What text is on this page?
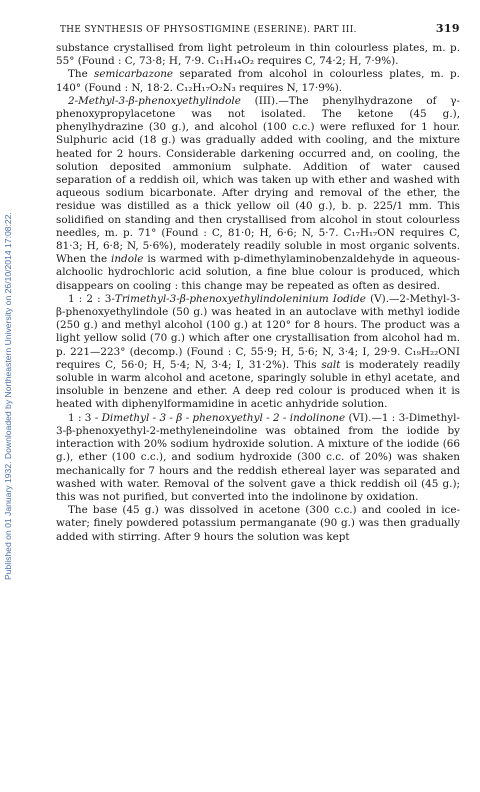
Published on 01 January 1932. Downloaded by Northeastern University on 26/10/2014 17:08:22.
THE SYNTHESIS OF PHYSOSTIGMINE (ESERINE). PART III.	319

substance crystallised from light petroleum in thin colourless plates, m. p. 55° (Found : C, 73·8; H, 7·9. C₁₁H₁₄O₂ requires C, 74·2; H, 7·9%).

The semicarbazone separated from alcohol in colourless plates, m. p. 140° (Found : N, 18·2. C₁₂H₁₇O₂N₃ requires N, 17·9%).

2-Methyl-3-β-phenoxyethylindole (III).—The phenylhydrazone of γ-phenoxypropylacetone was not isolated. The ketone (45 g.), phenylhydrazine (30 g.), and alcohol (100 c.c.) were refluxed for 1 hour. Sulphuric acid (18 g.) was gradually added with cooling, and the mixture heated for 2 hours. Considerable darkening occurred and, on cooling, the solution deposited ammonium sulphate. Addition of water caused separation of a reddish oil, which was taken up with ether and washed with aqueous sodium bicarbonate. After drying and removal of the ether, the residue was distilled as a thick yellow oil (40 g.), b. p. 225/1 mm. This solidified on standing and then crystallised from alcohol in stout colourless needles, m. p. 71° (Found : C, 81·0; H, 6·6; N, 5·7. C₁₇H₁₇ON requires C, 81·3; H, 6·8; N, 5·6%), moderately readily soluble in most organic solvents. When the indole is warmed with p-dimethylaminobenzaldehyde in aqueous-alchoolic hydrochloric acid solution, a fine blue colour is produced, which disappears on cooling : this change may be repeated as often as desired.

1 : 2 : 3-Trimethyl-3-β-phenoxyethylindoleninium Iodide (V).—2-Methyl-3-β-phenoxyethylindole (50 g.) was heated in an autoclave with methyl iodide (250 g.) and methyl alcohol (100 g.) at 120° for 8 hours. The product was a light yellow solid (70 g.) which after one crystallisation from alcohol had m. p. 221—223° (decomp.) (Found : C, 55·9; H, 5·6; N, 3·4; I, 29·9. C₁₉H₂₂ONI requires C, 56·0; H, 5·4; N, 3·4; I, 31·2%). This salt is moderately readily soluble in warm alcohol and acetone, sparingly soluble in ethyl acetate, and insoluble in benzene and ether. A deep red colour is produced when it is heated with diphenylformamidine in acetic anhydride solution.

1 : 3 - Dimethyl - 3 - β - phenoxyethyl - 2 - indolinone (VI).—1 : 3-Dimethyl-3-β-phenoxyethyl-2-methyleneindoline was obtained from the iodide by interaction with 20% sodium hydroxide solution. A mixture of the iodide (66 g.), ether (100 c.c.), and sodium hydroxide (300 c.c. of 20%) was shaken mechanically for 7 hours and the reddish ethereal layer was separated and washed with water. Removal of the solvent gave a thick reddish oil (45 g.); this was not purified, but converted into the indolinone by oxidation.

The base (45 g.) was dissolved in acetone (300 c.c.) and cooled in ice-water; finely powdered potassium permanganate (90 g.) was then gradually added with stirring. After 9 hours the solution was kept
